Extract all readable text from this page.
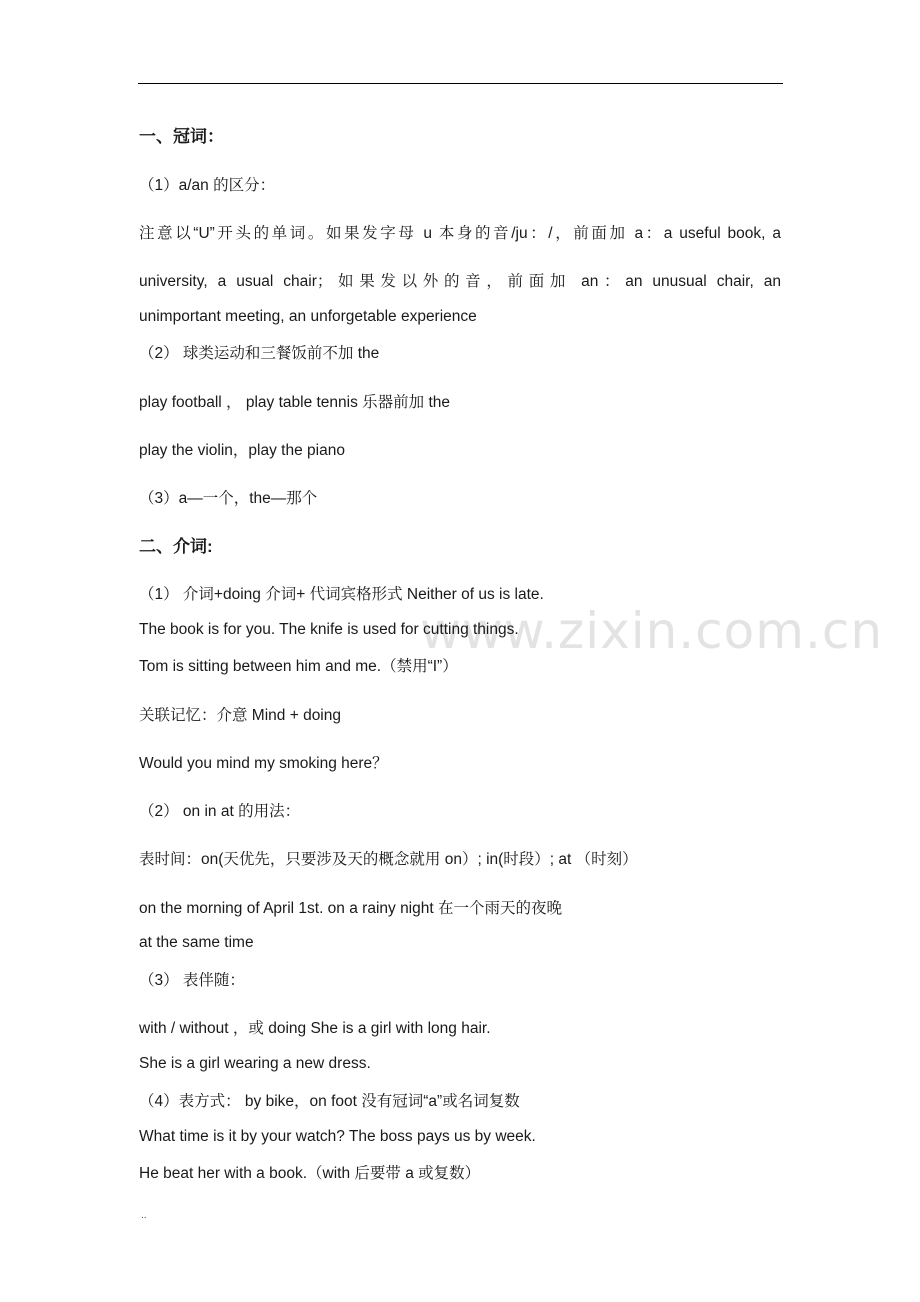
www.zixin.com.cn
一、冠词：
（1）a/an 的区分：
注意以“U”开头的单词。如果发字母 u 本身的音/ju：/，前面加 a：a useful book, a
university, a usual chair；如果发以外的音，前面加 an：an unusual chair, an
unimportant meeting, an unforgetable experience
（2） 球类运动和三餐饭前不加 the
play football ， play table tennis 乐器前加 the
play the violin，play the piano
（3）a—一个，the—那个
二、介词:
（1） 介词+doing 介词+ 代词宾格形式 Neither of us is late.
The book is for you. The knife is used for cutting things.
Tom is sitting between him and me.（禁用“I”）
关联记忆：介意 Mind + doing
Would you mind my smoking here？
（2） on in at 的用法：
表时间：on(天优先，只要涉及天的概念就用 on）; in(时段）; at （时刻）
on the morning of April 1st. on a rainy night 在一个雨天的夜晚
at the same time
（3） 表伴随：
with / without ，或 doing She is a girl with long hair.
She is a girl wearing a new dress.
（4）表方式： by bike，on foot 没有冠词“a”或名词复数
What time is it by your watch? The boss pays us by week.
He beat her with a book.（with 后要带 a 或复数）
..
